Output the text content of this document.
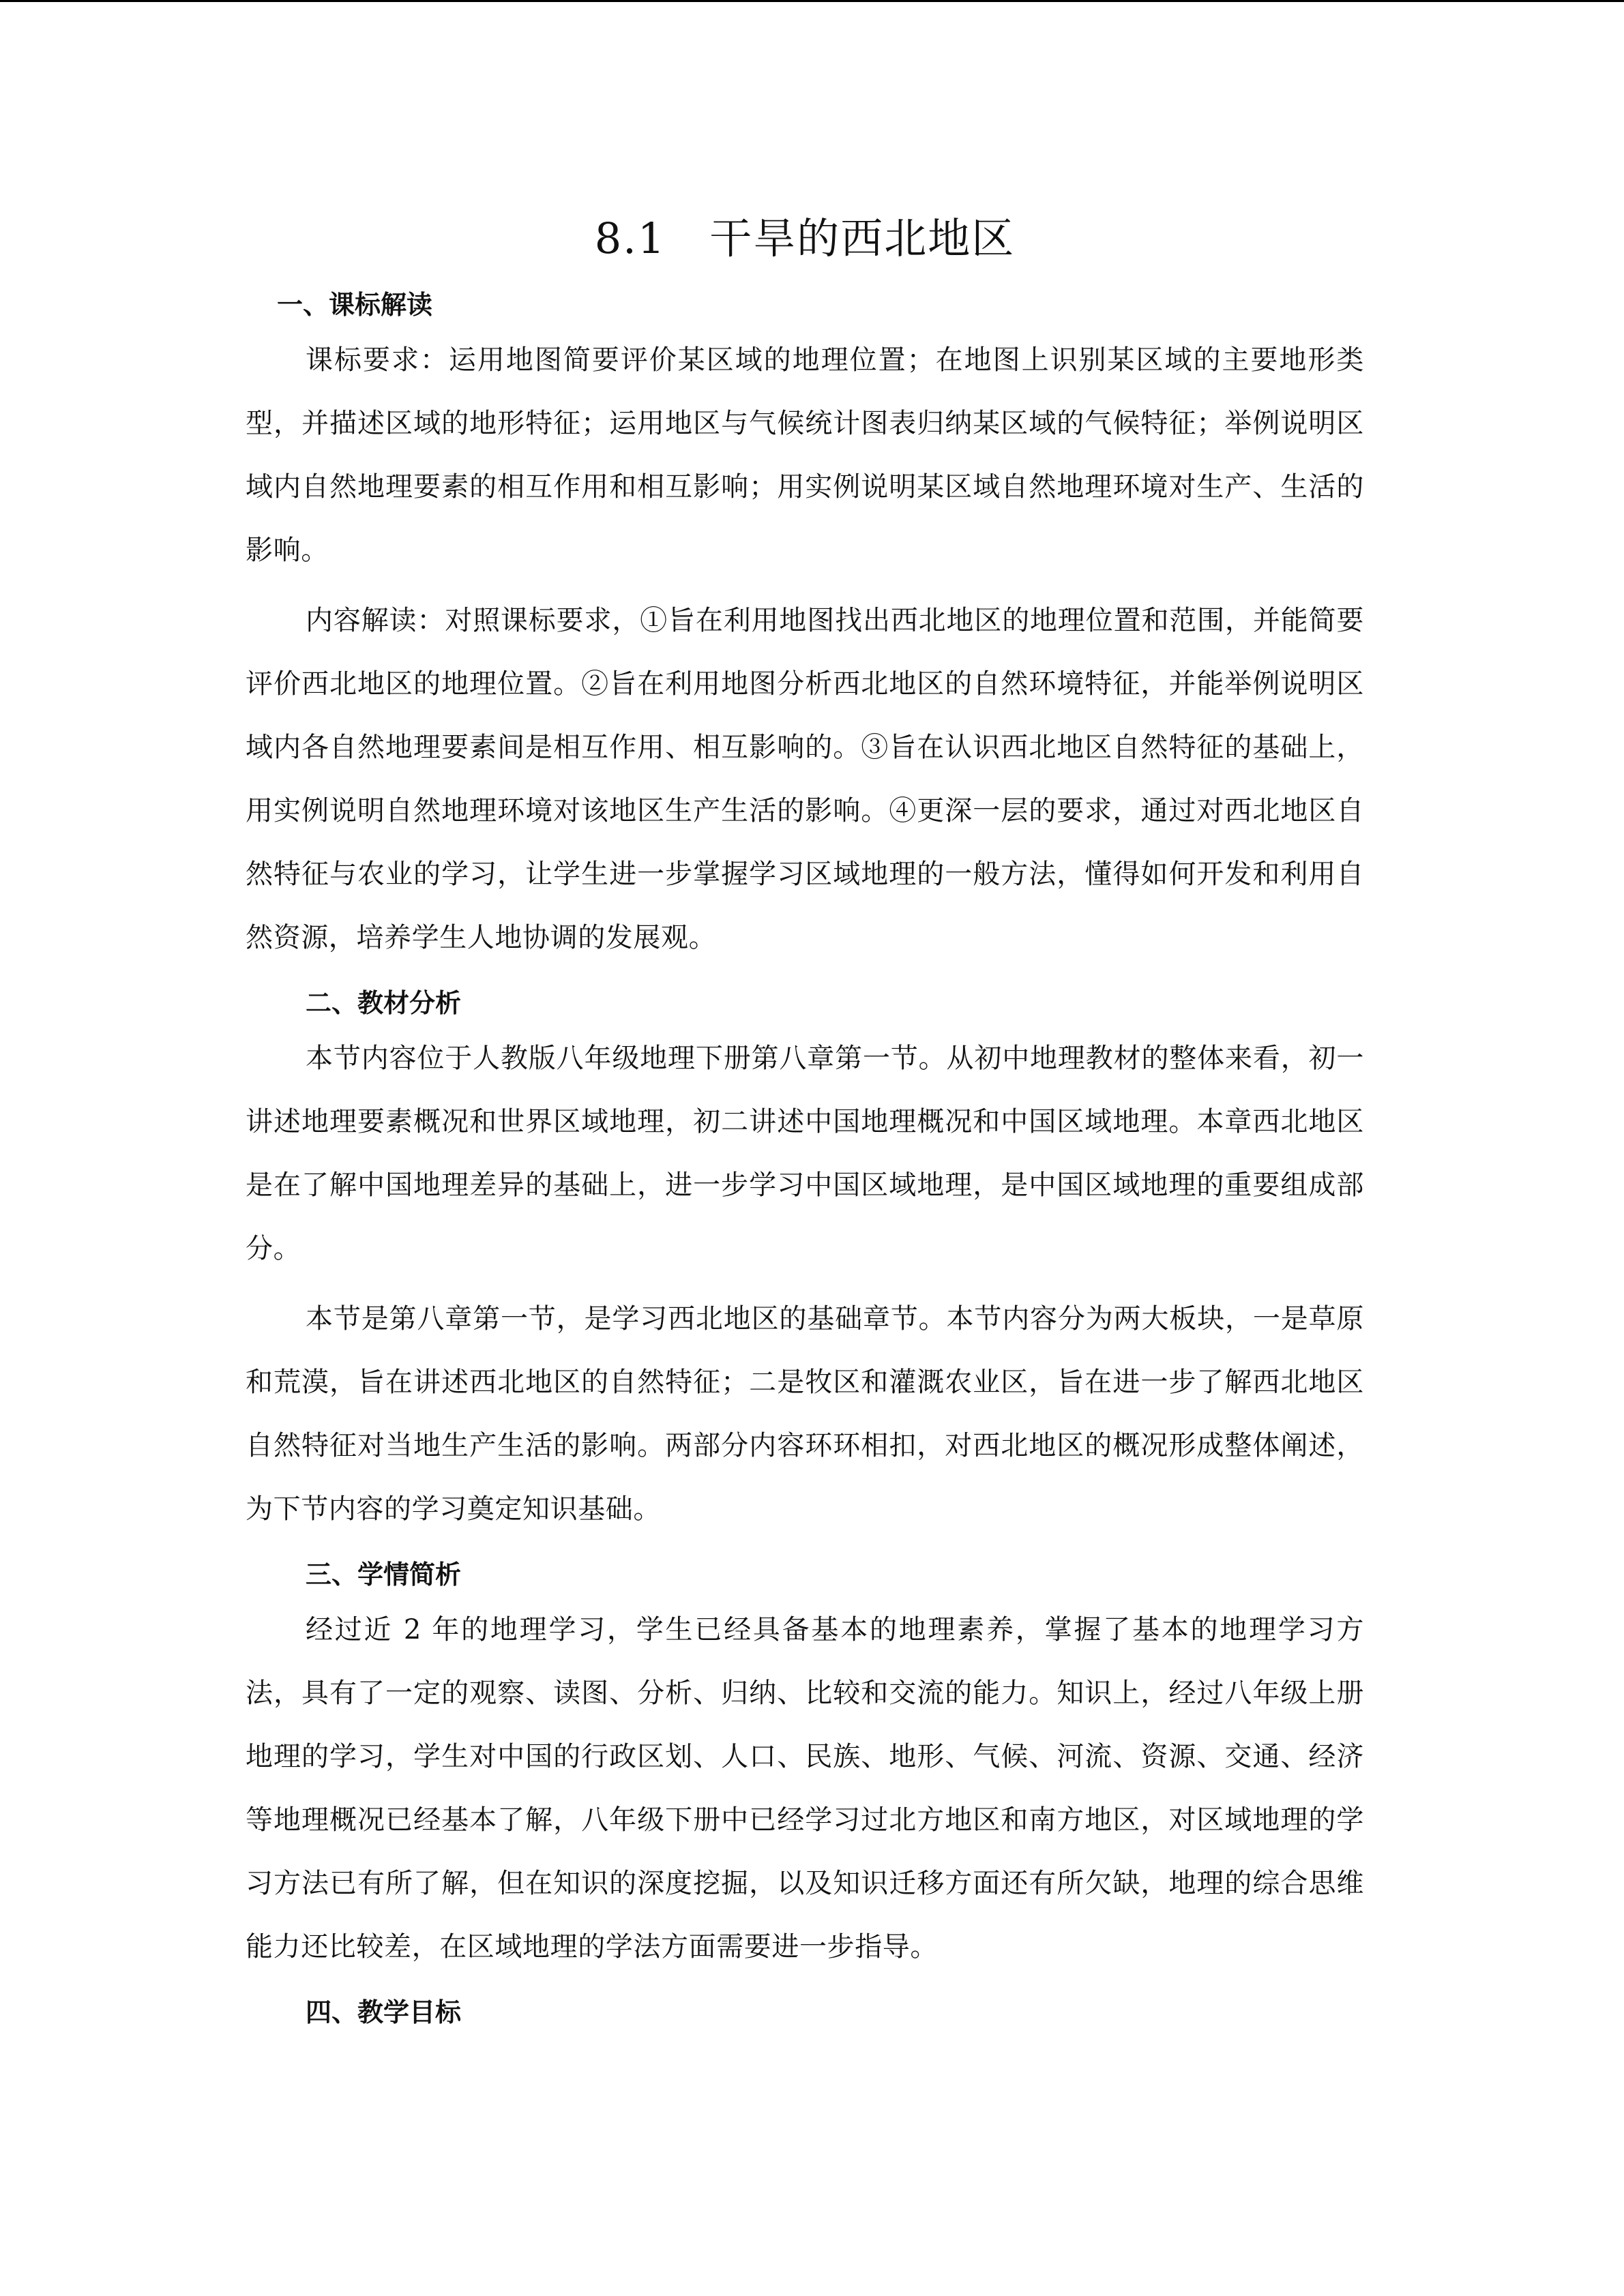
8.1　干旱的西北地区
一、课标解读

课标要求：运用地图简要评价某区域的地理位置；在地图上识别某区域的主要地形类型，并描述区域的地形特征；运用地区与气候统计图表归纳某区域的气候特征；举例说明区域内自然地理要素的相互作用和相互影响；用实例说明某区域自然地理环境对生产、生活的影响。

内容解读：对照课标要求，①旨在利用地图找出西北地区的地理位置和范围，并能简要评价西北地区的地理位置。②旨在利用地图分析西北地区的自然环境特征，并能举例说明区域内各自然地理要素间是相互作用、相互影响的。③旨在认识西北地区自然特征的基础上，用实例说明自然地理环境对该地区生产生活的影响。④更深一层的要求，通过对西北地区自然特征与农业的学习，让学生进一步掌握学习区域地理的一般方法，懂得如何开发和利用自然资源，培养学生人地协调的发展观。

二、教材分析

本节内容位于人教版八年级地理下册第八章第一节。从初中地理教材的整体来看，初一讲述地理要素概况和世界区域地理，初二讲述中国地理概况和中国区域地理。本章西北地区是在了解中国地理差异的基础上，进一步学习中国区域地理，是中国区域地理的重要组成部分。

本节是第八章第一节，是学习西北地区的基础章节。本节内容分为两大板块，一是草原和荒漠，旨在讲述西北地区的自然特征；二是牧区和灌溉农业区，旨在进一步了解西北地区自然特征对当地生产生活的影响。两部分内容环环相扣，对西北地区的概况形成整体阐述，为下节内容的学习奠定知识基础。

三、学情简析

经过近 2 年的地理学习，学生已经具备基本的地理素养，掌握了基本的地理学习方法，具有了一定的观察、读图、分析、归纳、比较和交流的能力。知识上，经过八年级上册地理的学习，学生对中国的行政区划、人口、民族、地形、气候、河流、资源、交通、经济等地理概况已经基本了解，八年级下册中已经学习过北方地区和南方地区，对区域地理的学习方法已有所了解，但在知识的深度挖掘，以及知识迁移方面还有所欠缺，地理的综合思维能力还比较差，在区域地理的学法方面需要进一步指导。

四、教学目标
